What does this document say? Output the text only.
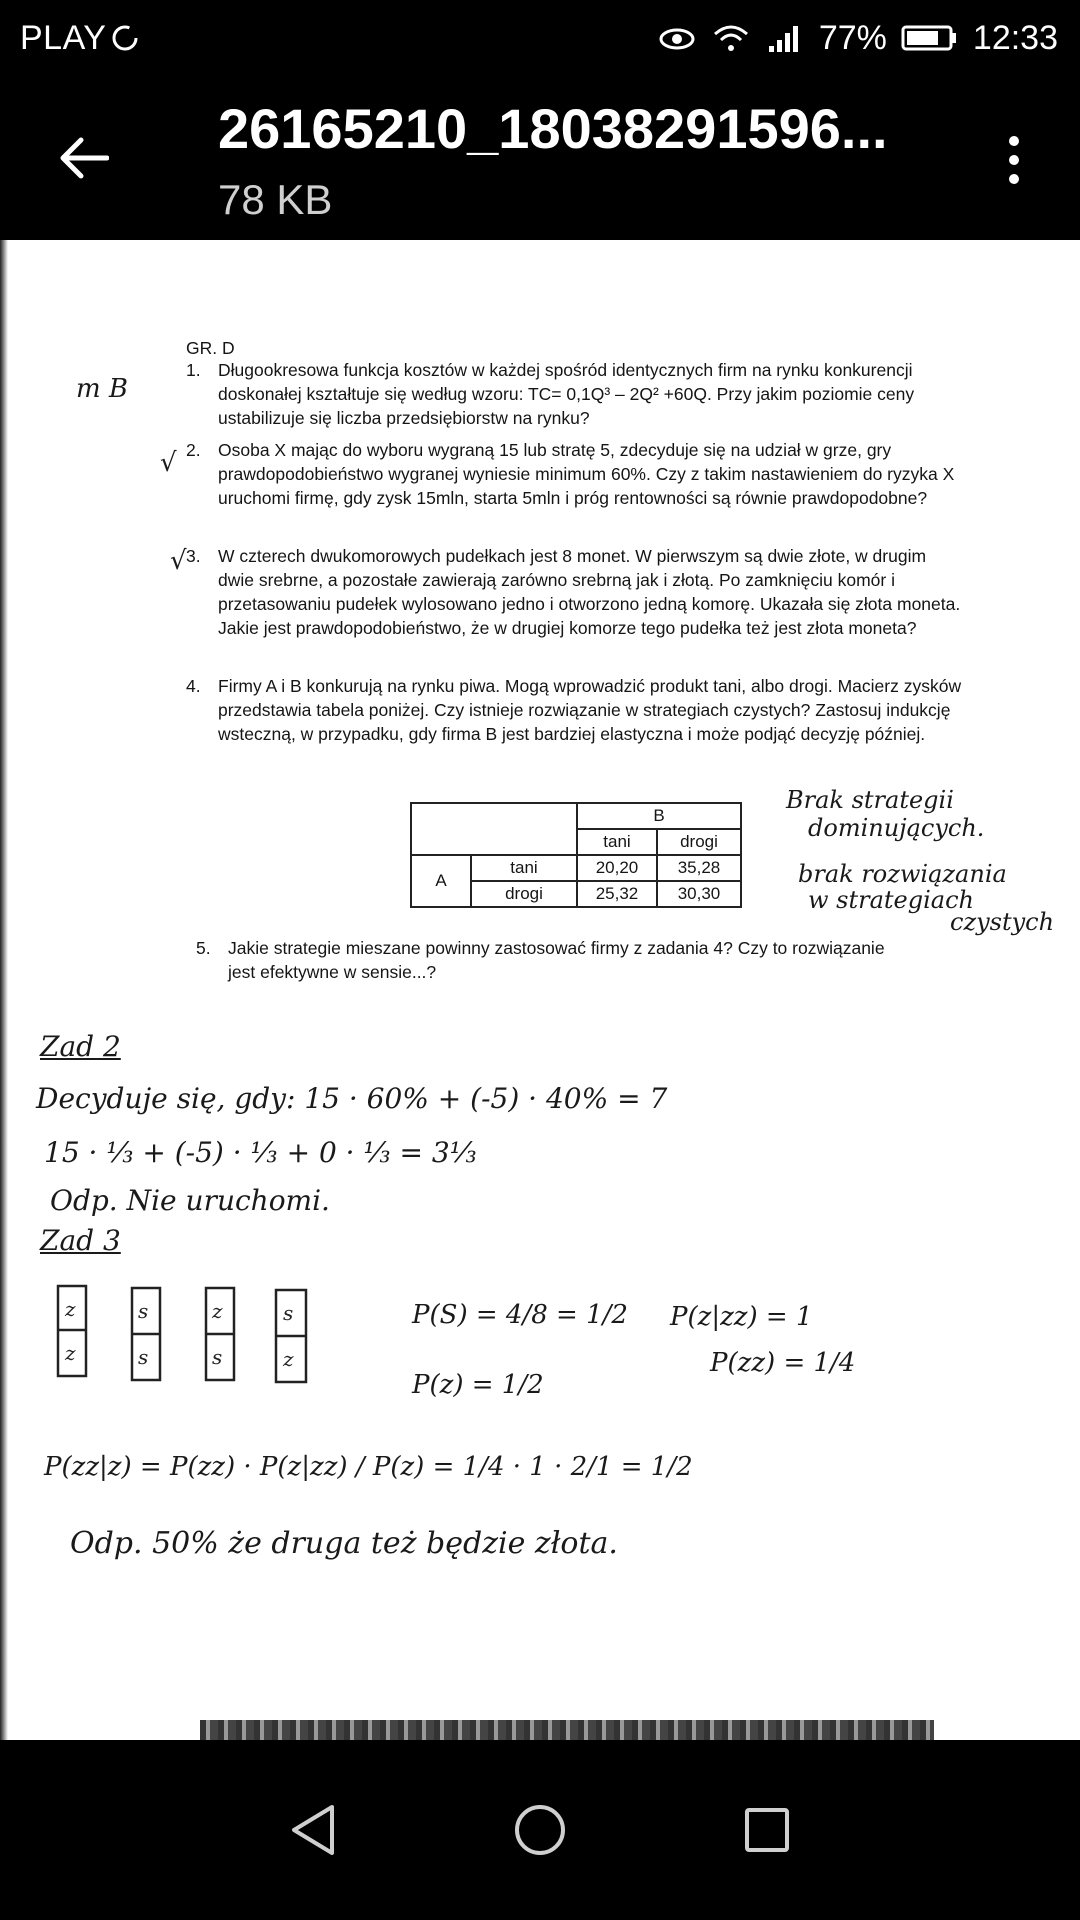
PLAY	77%	12:33
26165210_18038291596...
78 KB
GR. D
m B
√
√
1. Długookresowa funkcja kosztów w każdej spośród identycznych firm na rynku konkurencji doskonałej kształtuje się według wzoru: TC= 0,1Q³ – 2Q² +60Q. Przy jakim poziomie ceny ustabilizuje się liczba przedsiębiorstw na rynku?
2. Osoba X mając do wyboru wygraną 15 lub stratę 5, zdecyduje się na udział w grze, gry prawdopodobieństwo wygranej wyniesie minimum 60%. Czy z takim nastawieniem do ryzyka X uruchomi firmę, gdy zysk 15mln, starta 5mln i próg rentowności są równie prawdopodobne?
3. W czterech dwukomorowych pudełkach jest 8 monet. W pierwszym są dwie złote, w drugim dwie srebrne, a pozostałe zawierają zarówno srebrną jak i złotą. Po zamknięciu komór i przetasowaniu pudełek wylosowano jedno i otworzono jedną komorę. Ukazała się złota moneta. Jakie jest prawdopodobieństwo, że w drugiej komorze tego pudełka też jest złota moneta?
4. Firmy A i B konkurują na rynku piwa. Mogą wprowadzić produkt tani, albo drogi. Macierz zysków przedstawia tabela poniżej. Czy istnieje rozwiązanie w strategiach czystych? Zastosuj indukcję wsteczną, w przypadku, gdy firma B jest bardziej elastyczna i może podjąć decyzję później.
		B	
		tani	drogi
A	tani	20,20	35,28
	drogi	25,32	30,30
Brak strategii
dominujących.
brak rozwiązania
w strategiach
czystych
5. Jakie strategie mieszane powinny zastosować firmy z zadania 4? Czy to rozwiązanie jest efektywne w sensie...?
Zad 2
Decyduje się, gdy: 15 · 60% + (-5) · 40% = 7
15 · ⅓ + (-5) · ⅓ + 0 · ⅓ = 3⅓
Odp. Nie uruchomi.
Zad 3
z
z
s
s
z
s
s
z
P(S) = 4/8 = 1/2
P(z) = 1/2
P(z|zz) = 1
P(zz) = 1/4
P(zz|z) = P(zz) · P(z|zz) / P(z) = 1/4 · 1 · 2/1 = 1/2
Odp. 50% że druga też będzie złota.
